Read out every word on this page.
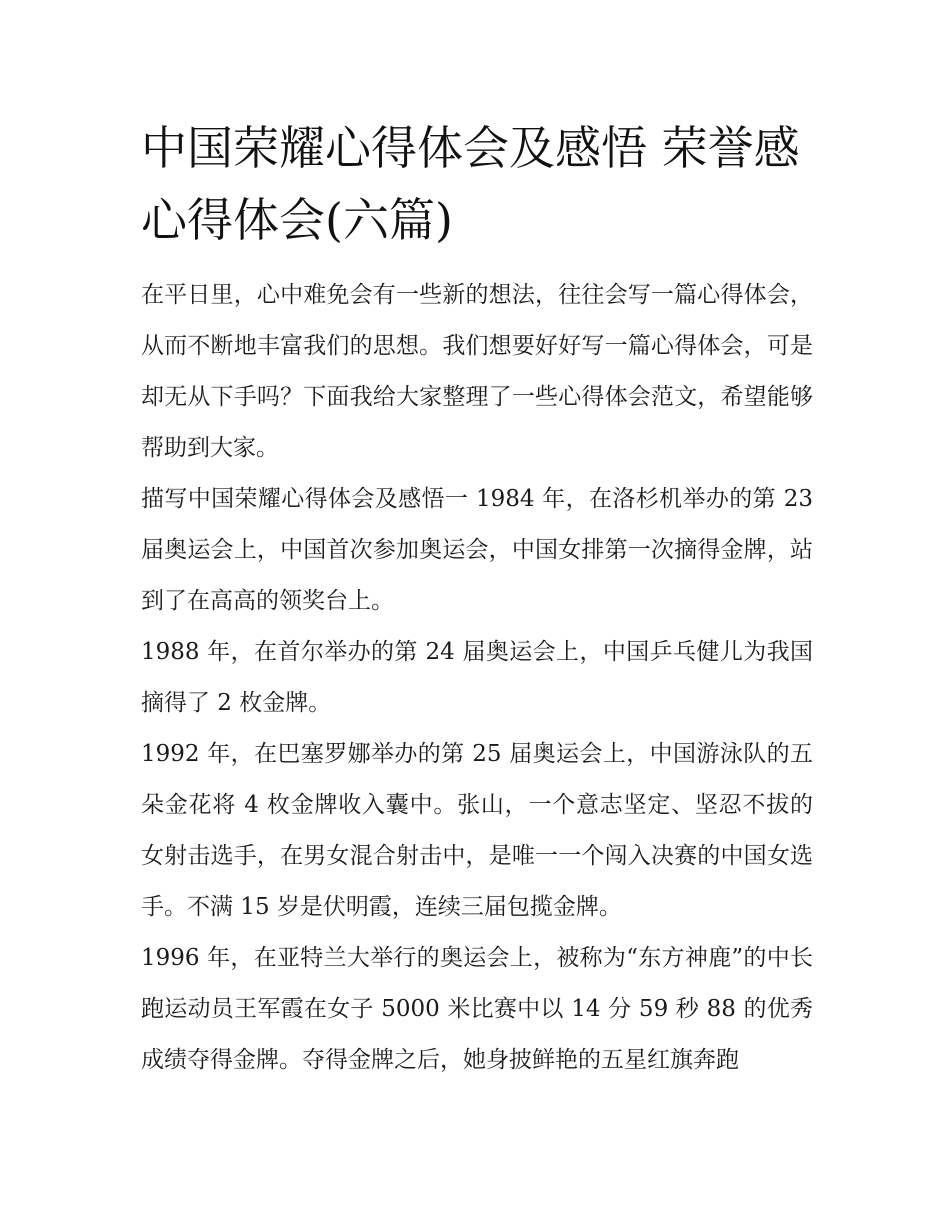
中国荣耀心得体会及感悟 荣誉感心得体会(六篇)

在平日里，心中难免会有一些新的想法，往往会写一篇心得体会，从而不断地丰富我们的思想。我们想要好好写一篇心得体会，可是却无从下手吗？下面我给大家整理了一些心得体会范文，希望能够帮助到大家。

描写中国荣耀心得体会及感悟一 1984 年，在洛杉机举办的第 23 届奥运会上，中国首次参加奥运会，中国女排第一次摘得金牌，站到了在高高的领奖台上。

1988 年，在首尔举办的第 24 届奥运会上，中国乒乓健儿为我国摘得了 2 枚金牌。

1992 年，在巴塞罗娜举办的第 25 届奥运会上，中国游泳队的五朵金花将 4 枚金牌收入囊中。张山，一个意志坚定、坚忍不拔的女射击选手，在男女混合射击中，是唯一一个闯入决赛的中国女选手。不满 15 岁是伏明霞，连续三届包揽金牌。

1996 年，在亚特兰大举行的奥运会上，被称为“东方神鹿”的中长跑运动员王军霞在女子 5000 米比赛中以 14 分 59 秒 88 的优秀成绩夺得金牌。夺得金牌之后，她身披鲜艳的五星红旗奔跑
